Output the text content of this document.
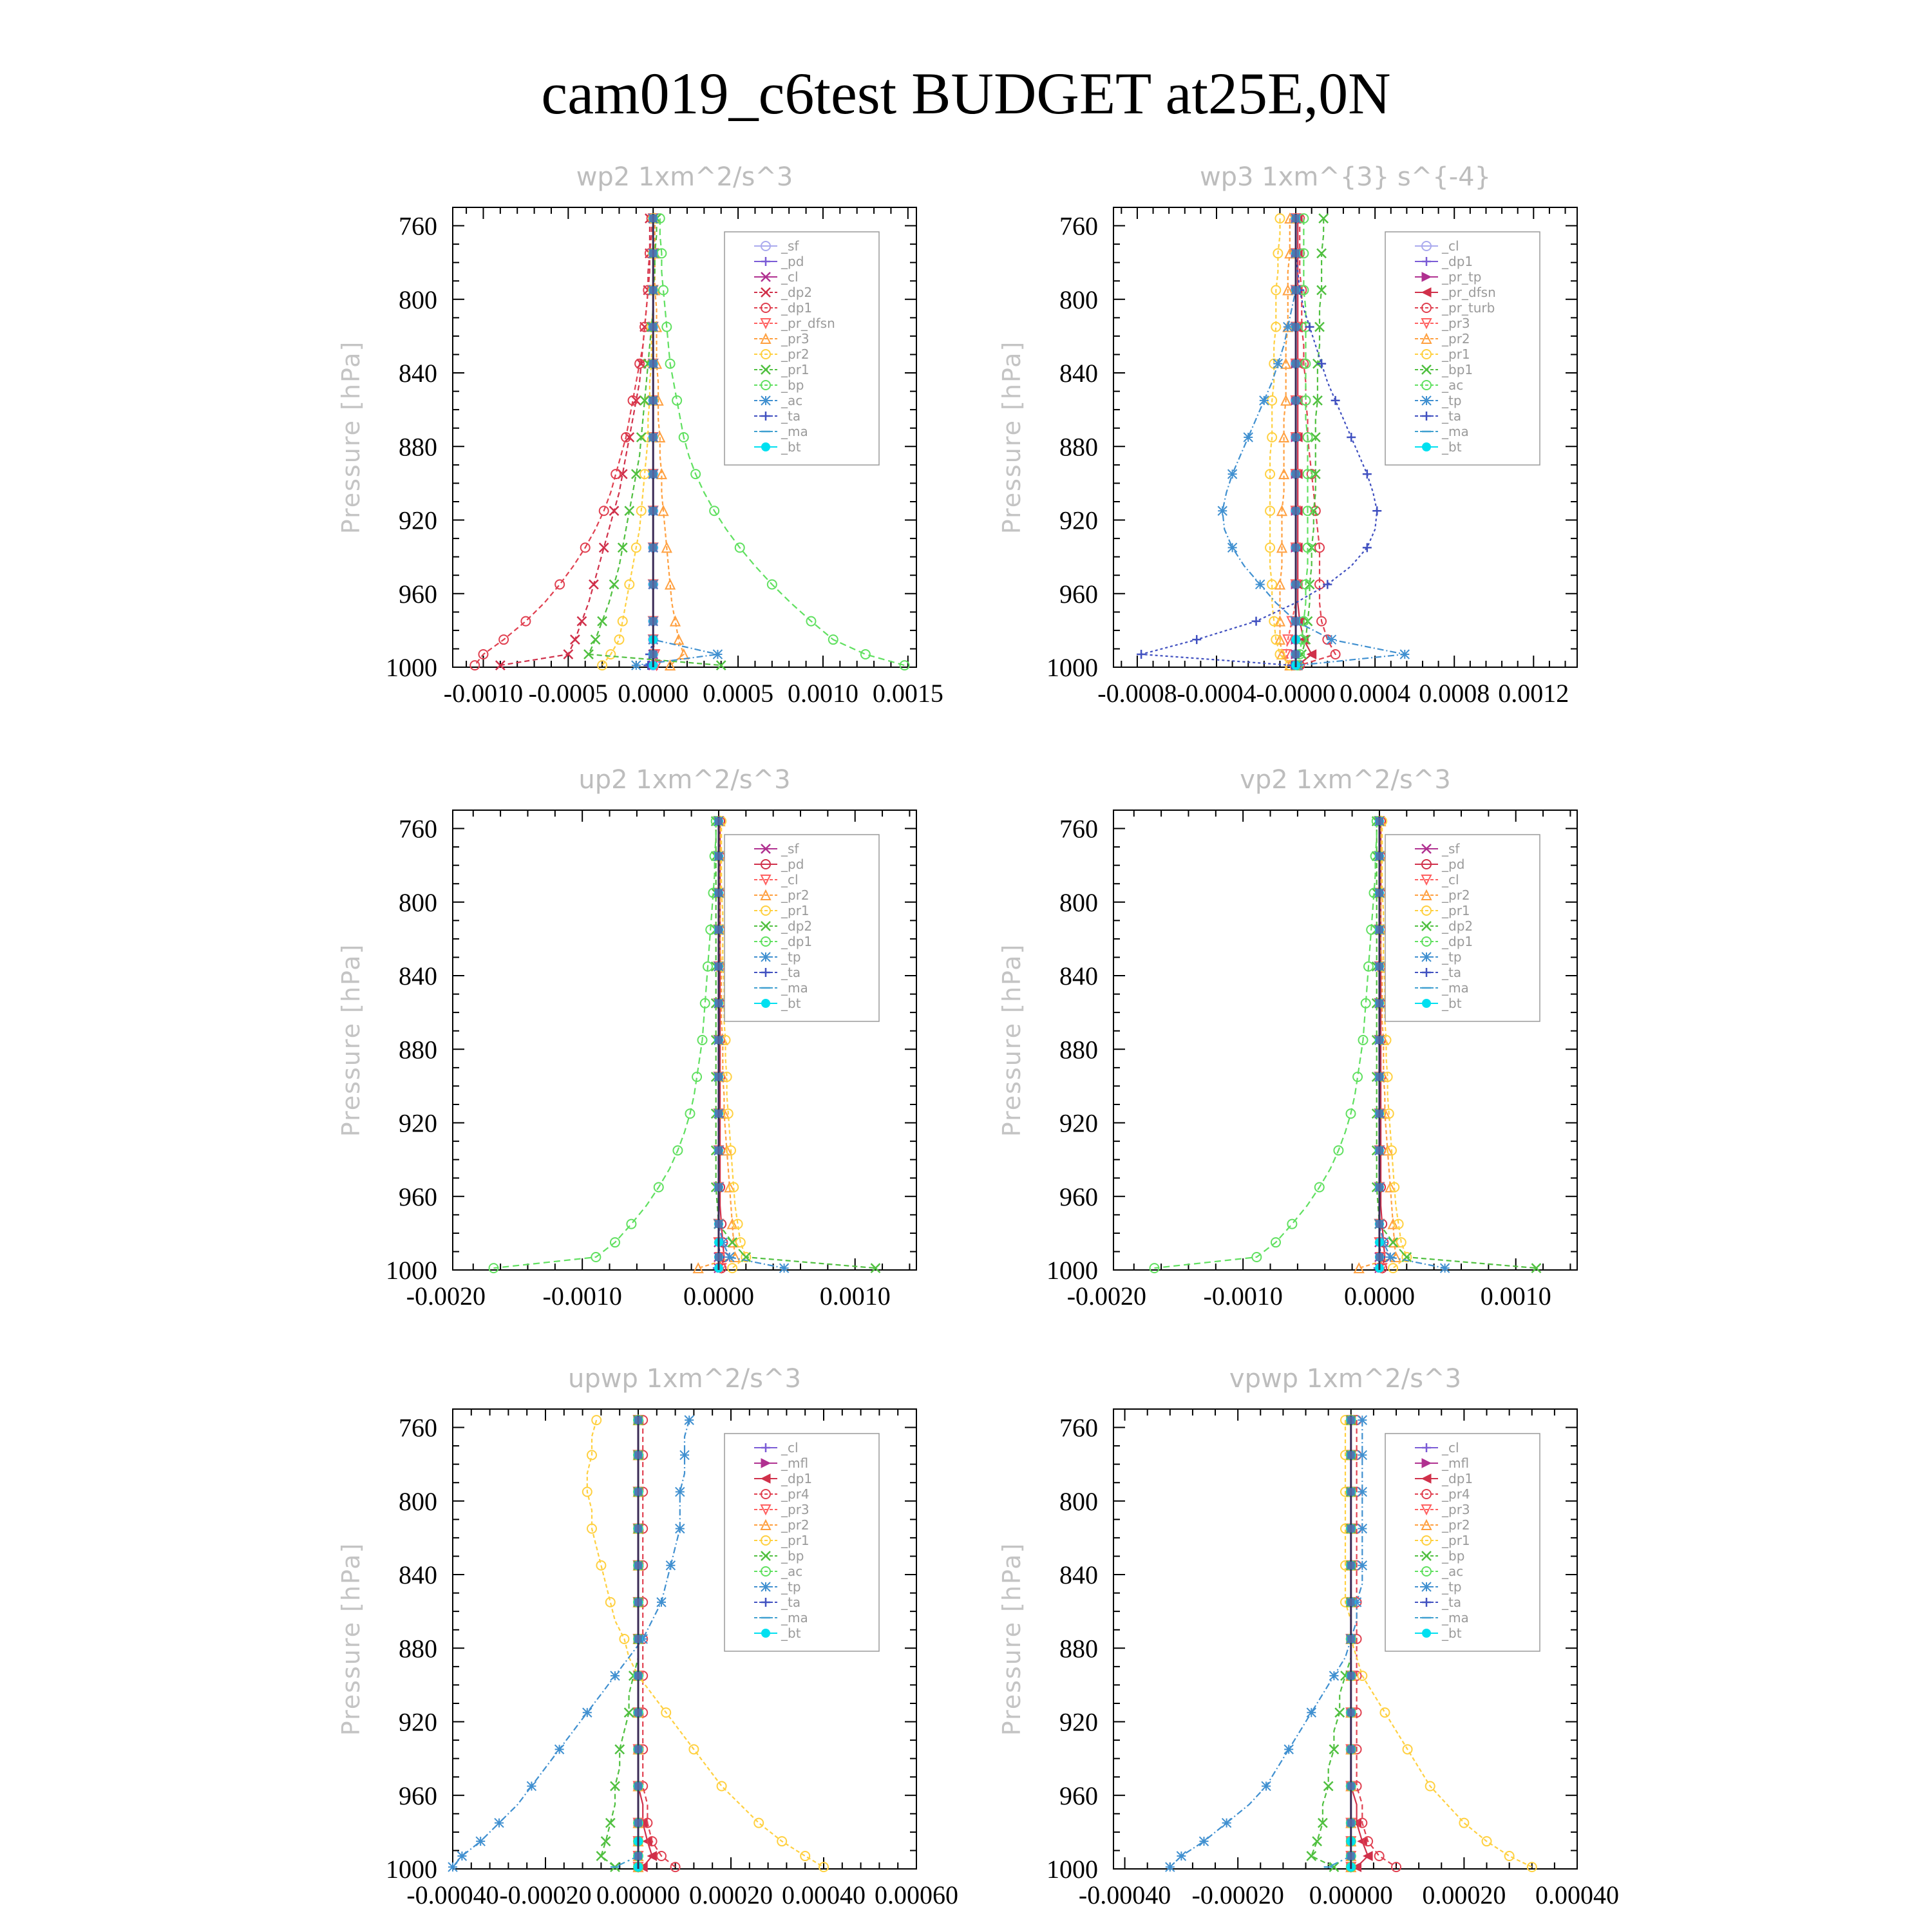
cam019_c6test BUDGET at25E,0N
wp2 1xm^2/s^3
Pressure [hPa]
760
800
840
880
920
960
1000
-0.0010 -0.0005 0.0000 0.0005 0.0010 0.0015
_sf
_pd
_cl
_dp2
_dp1
_pr_dfsn
_pr3
_pr2
_pr1
_bp
_ac
_ta
_ma
_bt
wp3 1xm^{3} s^{-4}
Pressure [hPa]
760
800
840
880
920
960
1000
-0.0008 -0.0004 -0.0000 0.0004 0.0008 0.0012
_cl
_dp1
_pr_tp
_pr_dfsn
_pr_turb
_pr3
_pr2
_pr1
_bp1
_ac
_tp
_ta
_ma
_bt
up2 1xm^2/s^3
Pressure [hPa]
760
800
840
880
920
960
1000
-0.0020 -0.0010 0.0000	0.0010
_sf
_pd
_cl
_pr2
_pr1
_dp2
_dp1
_tp
_ta
_ma
_bt
vp2 1xm^2/s^3
Pressure [hPa]
760
800
840
880
920
960
1000
-0.0020 -0.0010 0.0000	0.0010
_sf
_pd
_cl
_pr2
_pr1
_dp2
_dp1
_tp
_ta
_ma
_bt
upwp 1xm^2/s^3
Pressure [hPa]
760
800
840
880
920
960
1000
-0.00040 -0.00020 0.00000 0.00020 0.00040 0.00060
_cl
_mfl
_dp1
_pr4
_pr3
_pr2
_pr1
_bp
_ac
_tp
_ta
_ma
_bt
vpwp 1xm^2/s^3
Pressure [hPa]
760
800
840
880
920
960
1000
-0.00040 -0.00020 0.00000 0.00020 0.00040
_cl
_mfl
_dp1
_pr4
_pr3
_pr2
_pr1
_bp
_ac
_tp
_ta
_ma
_bt
